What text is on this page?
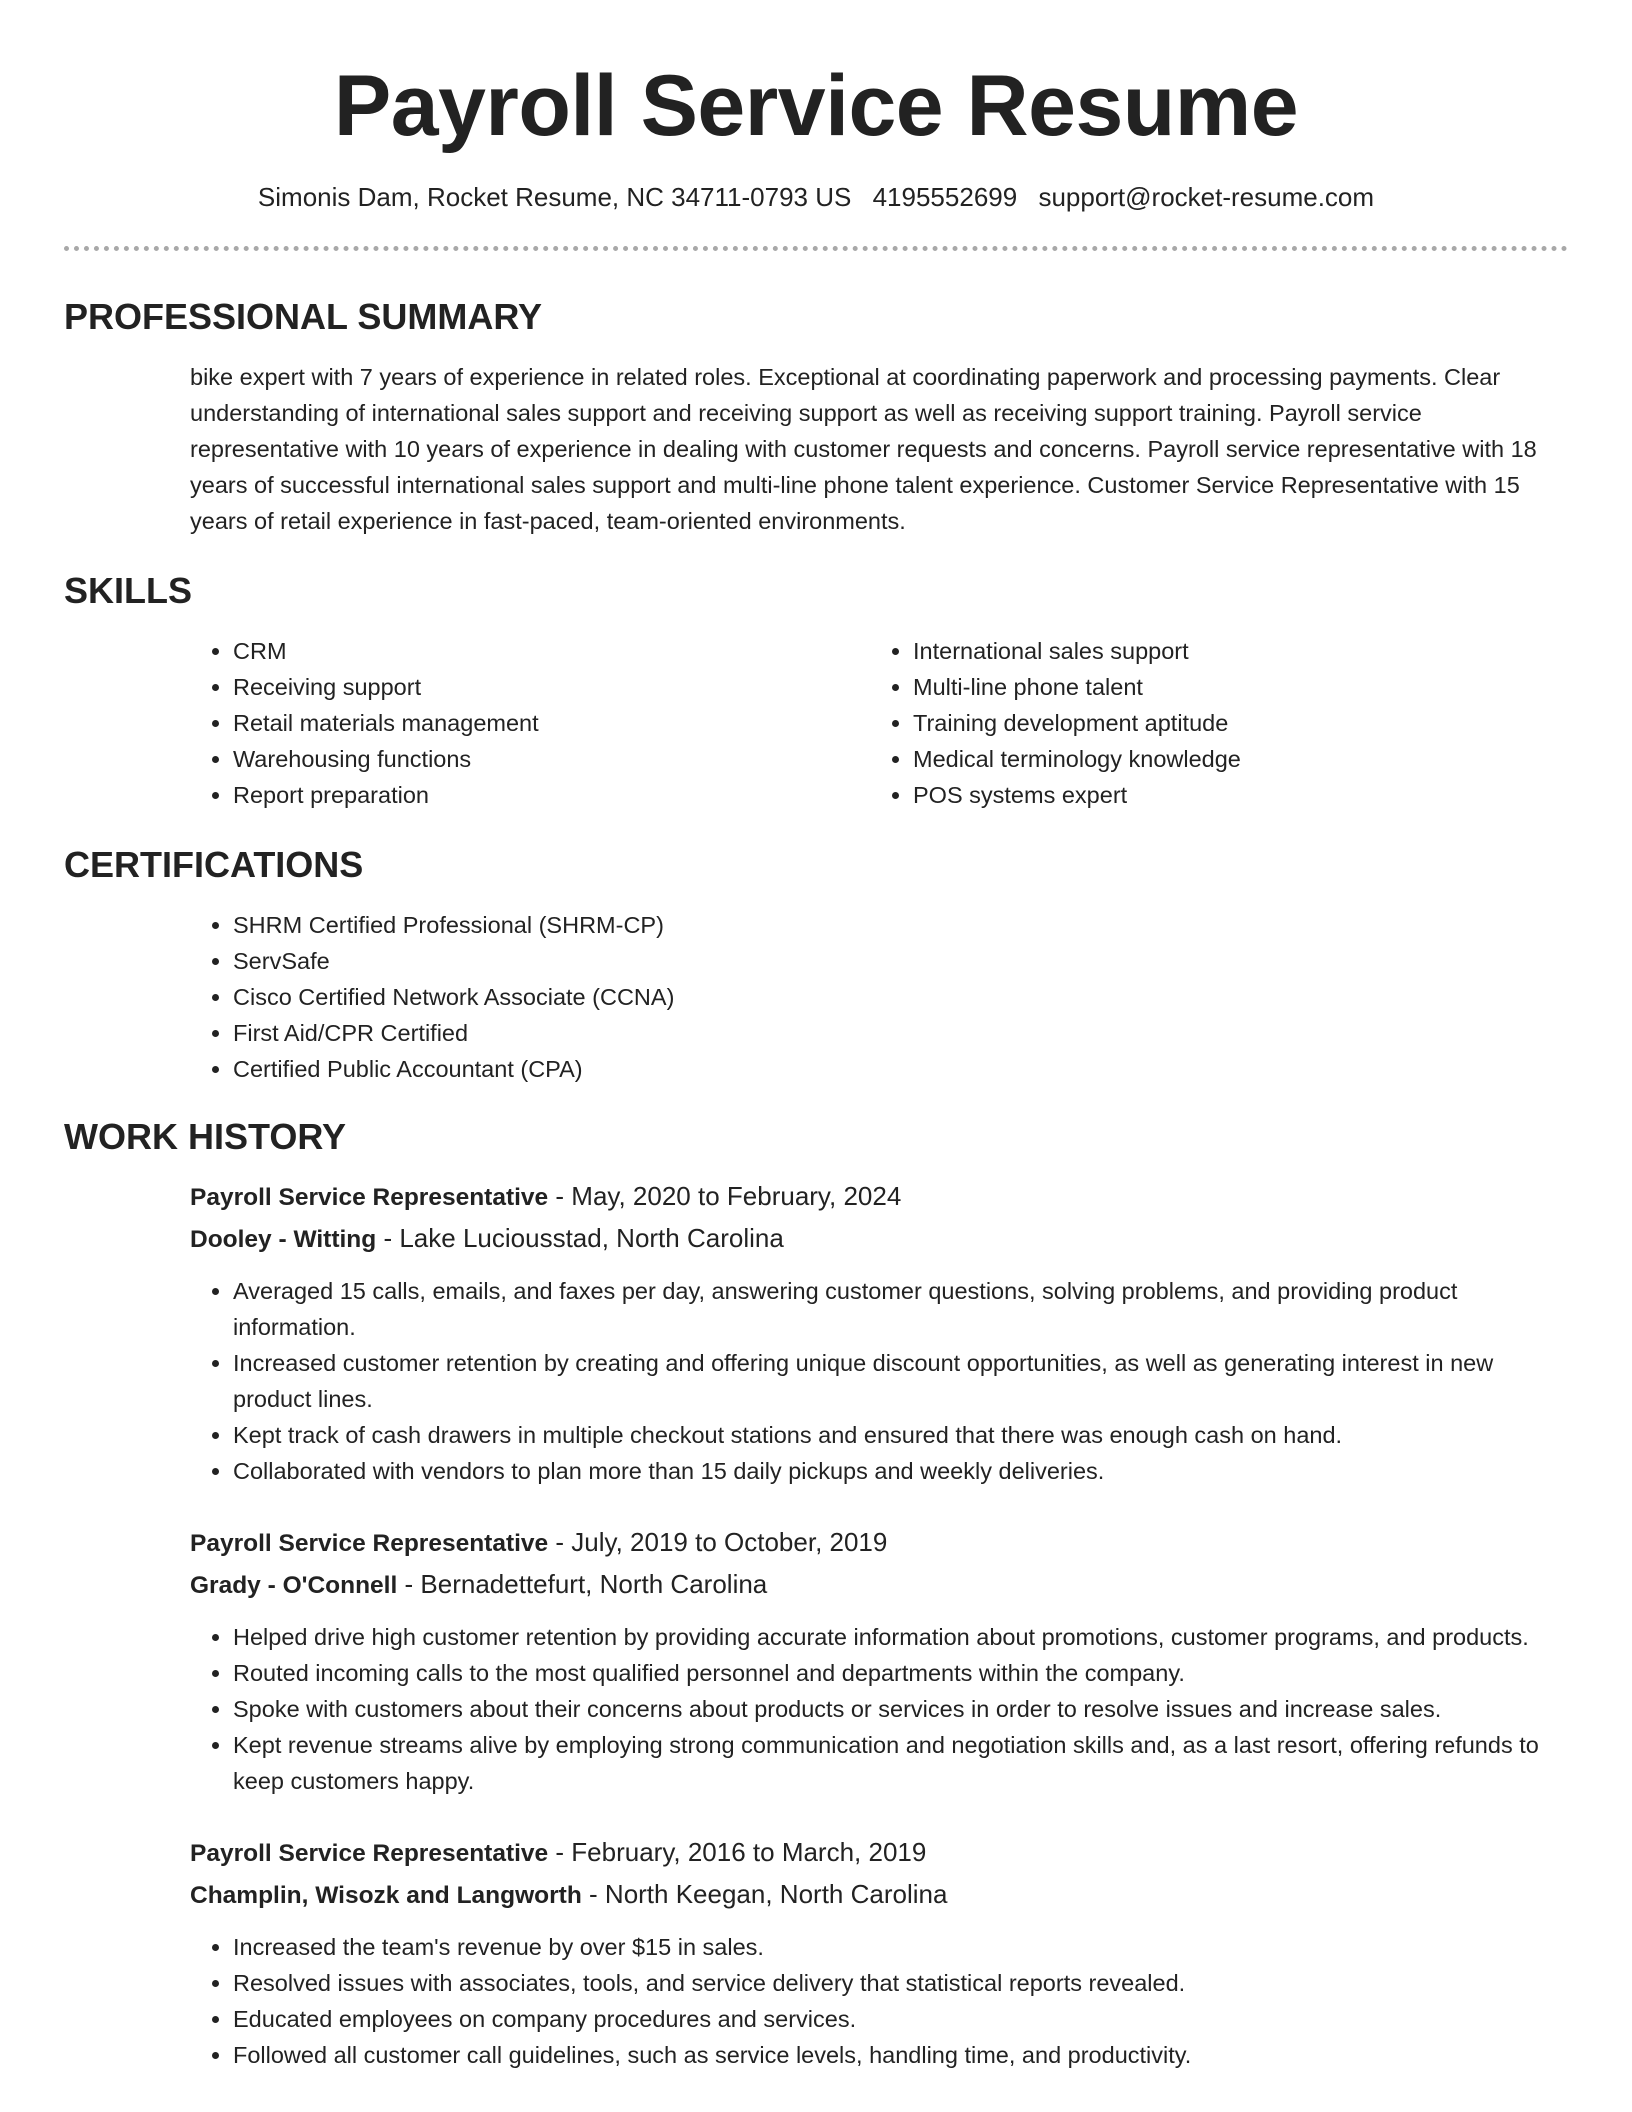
Payroll Service Resume
Simonis Dam, Rocket Resume, NC 34711-0793 US 4195552699 support@rocket-resume.com
PROFESSIONAL SUMMARY

bike expert with 7 years of experience in related roles. Exceptional at coordinating paperwork and processing payments. Clear understanding of international sales support and receiving support as well as receiving support training. Payroll service representative with 10 years of experience in dealing with customer requests and concerns. Payroll service representative with 18 years of successful international sales support and multi-line phone talent experience. Customer Service Representative with 15 years of retail experience in fast-paced, team-oriented environments.

SKILLS
• CRM
• Receiving support
• Retail materials management
• Warehousing functions
• Report preparation
• International sales support
• Multi-line phone talent
• Training development aptitude
• Medical terminology knowledge
• POS systems expert
CERTIFICATIONS
• SHRM Certified Professional (SHRM-CP)
• ServSafe
• Cisco Certified Network Associate (CCNA)
• First Aid/CPR Certified
• Certified Public Accountant (CPA)
WORK HISTORY
Payroll Service Representative - May, 2020 to February, 2024
Dooley - Witting - Lake Luciousstad, North Carolina
• Averaged 15 calls, emails, and faxes per day, answering customer questions, solving problems, and providing product information.
• Increased customer retention by creating and offering unique discount opportunities, as well as generating interest in new product lines.
• Kept track of cash drawers in multiple checkout stations and ensured that there was enough cash on hand.
• Collaborated with vendors to plan more than 15 daily pickups and weekly deliveries.
Payroll Service Representative - July, 2019 to October, 2019
Grady - O'Connell - Bernadettefurt, North Carolina
• Helped drive high customer retention by providing accurate information about promotions, customer programs, and products.
• Routed incoming calls to the most qualified personnel and departments within the company.
• Spoke with customers about their concerns about products or services in order to resolve issues and increase sales.
• Kept revenue streams alive by employing strong communication and negotiation skills and, as a last resort, offering refunds to keep customers happy.
Payroll Service Representative - February, 2016 to March, 2019
Champlin, Wisozk and Langworth - North Keegan, North Carolina
• Increased the team's revenue by over $15 in sales.
• Resolved issues with associates, tools, and service delivery that statistical reports revealed.
• Educated employees on company procedures and services.
• Followed all customer call guidelines, such as service levels, handling time, and productivity.
